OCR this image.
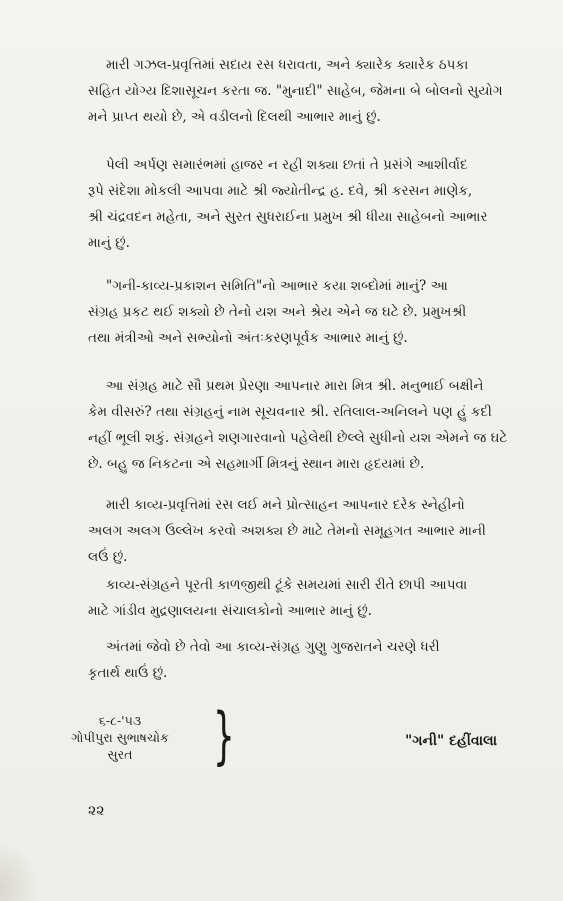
મારી ગઝલ-પ્રવૃત્તિમાં સદાય રસ ધરાવતા, અને ક્યારેક ક્યારેક ઠપકા
સહિત યોગ્ય દિશાસૂચન કરતા જ. "મુનાદી" સાહેબ, જેમના બે બોલનો સુયોગ
મને પ્રાપ્ત થયો છે, એ વડીલનો દિલથી આભાર માનું છું.
પેલી અર્પણ સમારંભમાં હાજર ન રહી શક્યા છતાં તે પ્રસંગે આશીર્વાદ
રૂપે સંદેશા મોકલી આપવા માટે શ્રી જ્યોતીન્દ્ર હ. દવે, શ્રી કરસન માણેક,
શ્રી ચંદ્રવદન મહેતા, અને સુરત સુધરાઈના પ્રમુખ શ્રી ધીયા સાહેબનો આભાર
માનું છું.
"ગની-કાવ્ય-પ્રકાશન સમિતિ"નો આભાર કયા શબ્દોમાં માનું? આ
સંગ્રહ પ્રકટ થઈ શક્યો છે તેનો યશ અને શ્રેય એને જ ઘટે છે. પ્રમુખશ્રી
તથા મંત્રીઓ અને સભ્યોનો અંતઃકરણપૂર્વક આભાર માનું છું.
આ સંગ્રહ માટે સૌ પ્રથમ પ્રેરણા આપનાર મારા મિત્ર શ્રી. મનુભાઈ બક્ષીને
કેમ વીસરું? તથા સંગ્રહનું નામ સૂચવનાર શ્રી. રતિલાલ-અનિલને પણ હું કદી
નહીં ભૂલી શકું. સંગ્રહને શણગારવાનો પહેલેથી છેલ્લે સુધીનો યશ એમને જ ઘટે
છે. બહુ જ નિકટના એ સહમાર્ગી મિત્રનું સ્થાન મારા હૃદયમાં છે.
મારી કાવ્ય-પ્રવૃત્તિમાં રસ લઈ મને પ્રોત્સાહન આપનાર દરેક સ્નેહીનો
અલગ અલગ ઉલ્લેખ કરવો અશક્ય છે માટે તેમનો સમૂહગત આભાર માની
લઉં છું.
કાવ્ય-સંગ્રહને પૂરતી કાળજીથી ટૂંકે સમયમાં સારી રીતે છાપી આપવા
માટે ગાંડીવ મુદ્રણાલયના સંચાલકોનો આભાર માનું છું.
અંતમાં જેવો છે તેવો આ કાવ્ય-સંગ્રહ ગુણુ ગુજરાતને ચરણે ધરી
કૃતાર્થ થાઉં છું.
૬-૮-'૫૩
ગોપીપુરા સુભાષચોક
સુરત	}	"ગની" દહીંવાલા
૨૨
